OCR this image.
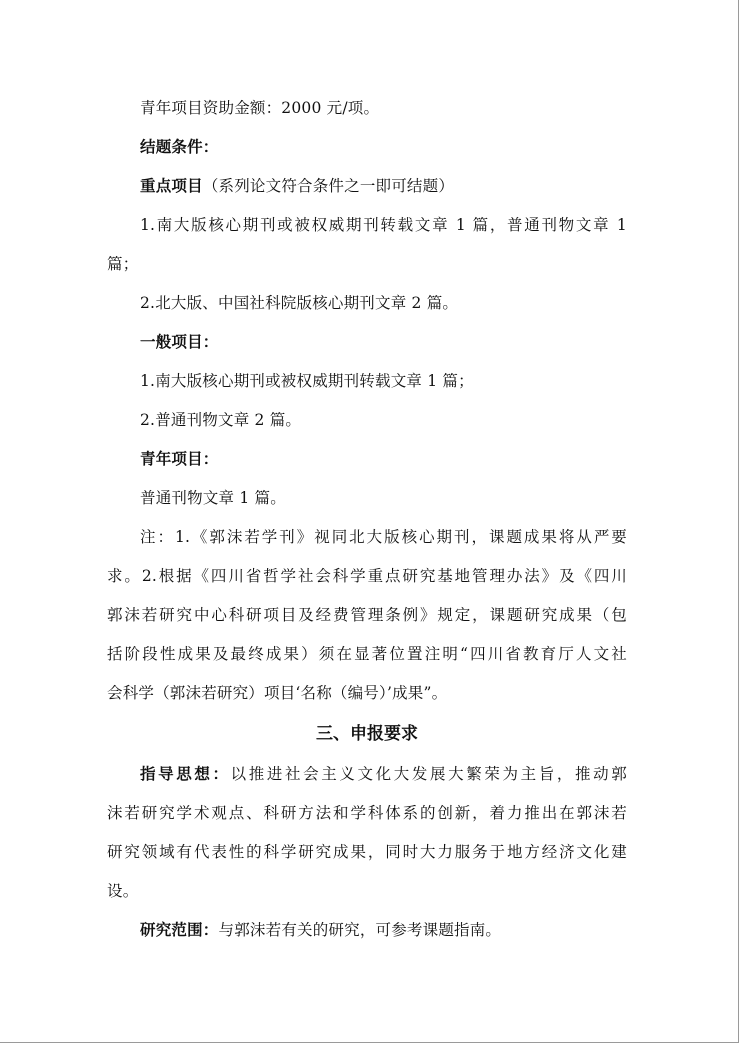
青年项目资助金额：2000 元/项。
结题条件：
重点项目（系列论文符合条件之一即可结题）
1.南大版核心期刊或被权威期刊转载文章 1 篇，普通刊物文章 1
篇；
2.北大版、中国社科院版核心期刊文章 2 篇。
一般项目：
1.南大版核心期刊或被权威期刊转载文章 1 篇；
2.普通刊物文章 2 篇。
青年项目：
普通刊物文章 1 篇。
注：1.《郭沫若学刊》视同北大版核心期刊，课题成果将从严要
求。2.根据《四川省哲学社会科学重点研究基地管理办法》及《四川
郭沫若研究中心科研项目及经费管理条例》规定，课题研究成果（包
括阶段性成果及最终成果）须在显著位置注明“四川省教育厅人文社
会科学（郭沫若研究）项目‘名称（编号）’成果”。
三、申报要求
指导思想：以推进社会主义文化大发展大繁荣为主旨，推动郭
沫若研究学术观点、科研方法和学科体系的创新，着力推出在郭沫若
研究领域有代表性的科学研究成果，同时大力服务于地方经济文化建
设。
研究范围：与郭沫若有关的研究，可参考课题指南。
